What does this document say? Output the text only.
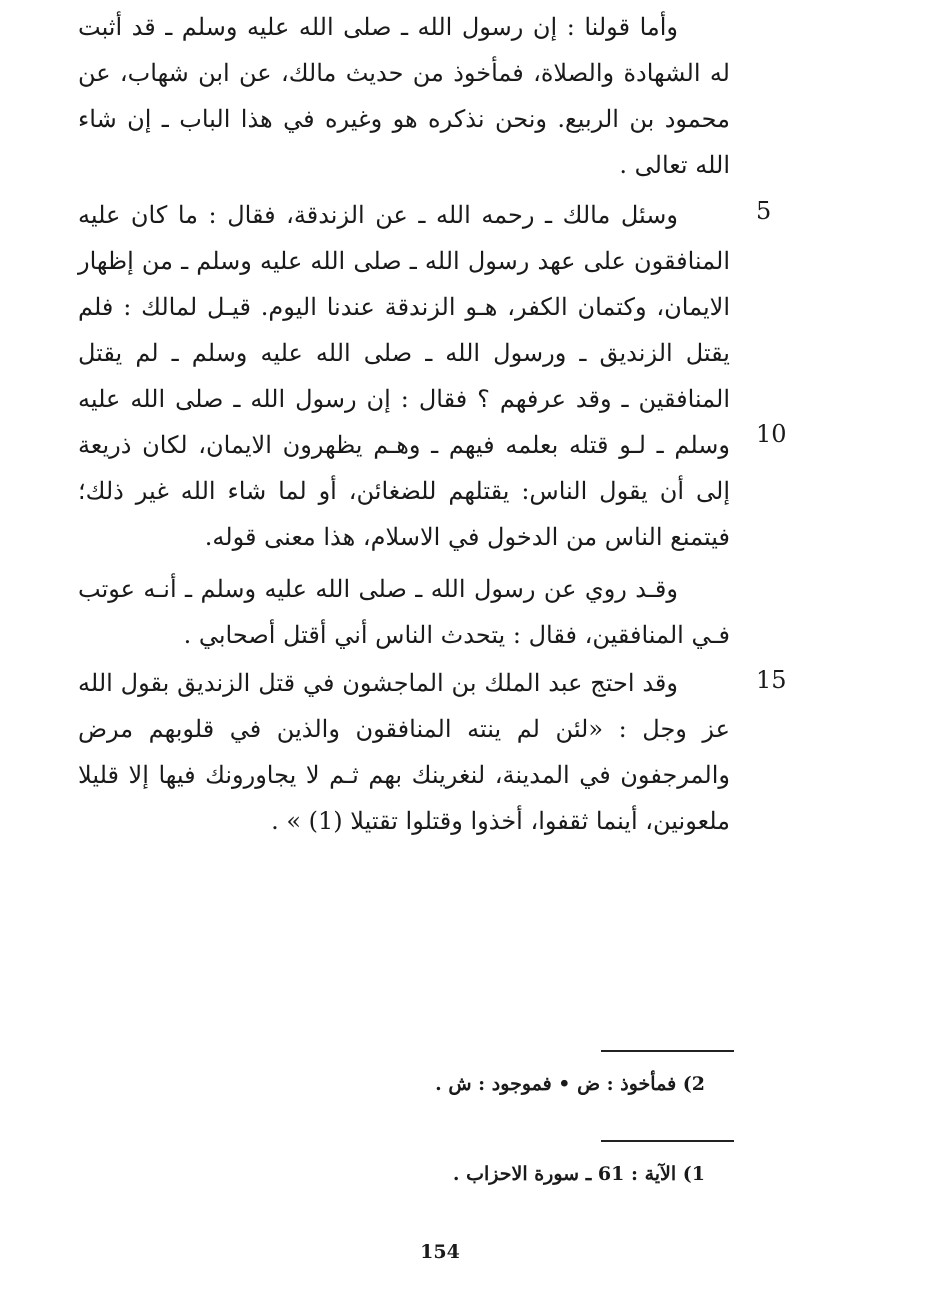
وأما قولنا : إن رسول الله ـ صلى الله عليه وسلم ـ قد أثبت له الشهادة والصلاة، فمأخوذ من حديث مالك، عن ابن شهاب، عن محمود بن الربيع. ونحن نذكره هو وغيره في هذا الباب ـ إن شاء الله تعالى .

وسئل مالك ـ رحمه الله ـ عن الزندقة، فقال : ما كان عليه المنافقون على عهد رسول الله ـ صلى الله عليه وسلم ـ من إظهار الايمان، وكتمان الكفر، هـو الزندقة عندنا اليوم. قيـل لمالك : فلم يقتل الزنديق ـ ورسول الله ـ صلى الله عليه وسلم ـ لم يقتل المنافقين ـ وقد عرفهم ؟ فقال : إن رسول الله ـ صلى الله عليه وسلم ـ لـو قتله بعلمه فيهم ـ وهـم يظهرون الايمان، لكان ذريعة إلى أن يقول الناس: يقتلهم للضغائن، أو لما شاء الله غير ذلك؛ فيتمنع الناس من الدخول في الاسلام، هذا معنى قوله.

وقـد روي عن رسول الله ـ صلى الله عليه وسلم ـ أنـه عوتب فـي المنافقين، فقال : يتحدث الناس أني أقتل أصحابي .

وقد احتج عبد الملك بن الماجشون في قتل الزنديق بقول الله عز وجل : «لئن لم ينته المنافقون والذين في قلوبهم مرض والمرجفون في المدينة، لنغرينك بهم ثـم لا يجاورونك فيها إلا قليلا ملعونين، أينما ثقفوا، أخذوا وقتلوا تقتيلا (1) » .

5
10
15
2) فمأخوذ : ض • فموجود : ش .
1) الآية : 61 ـ سورة الاحزاب .
154
